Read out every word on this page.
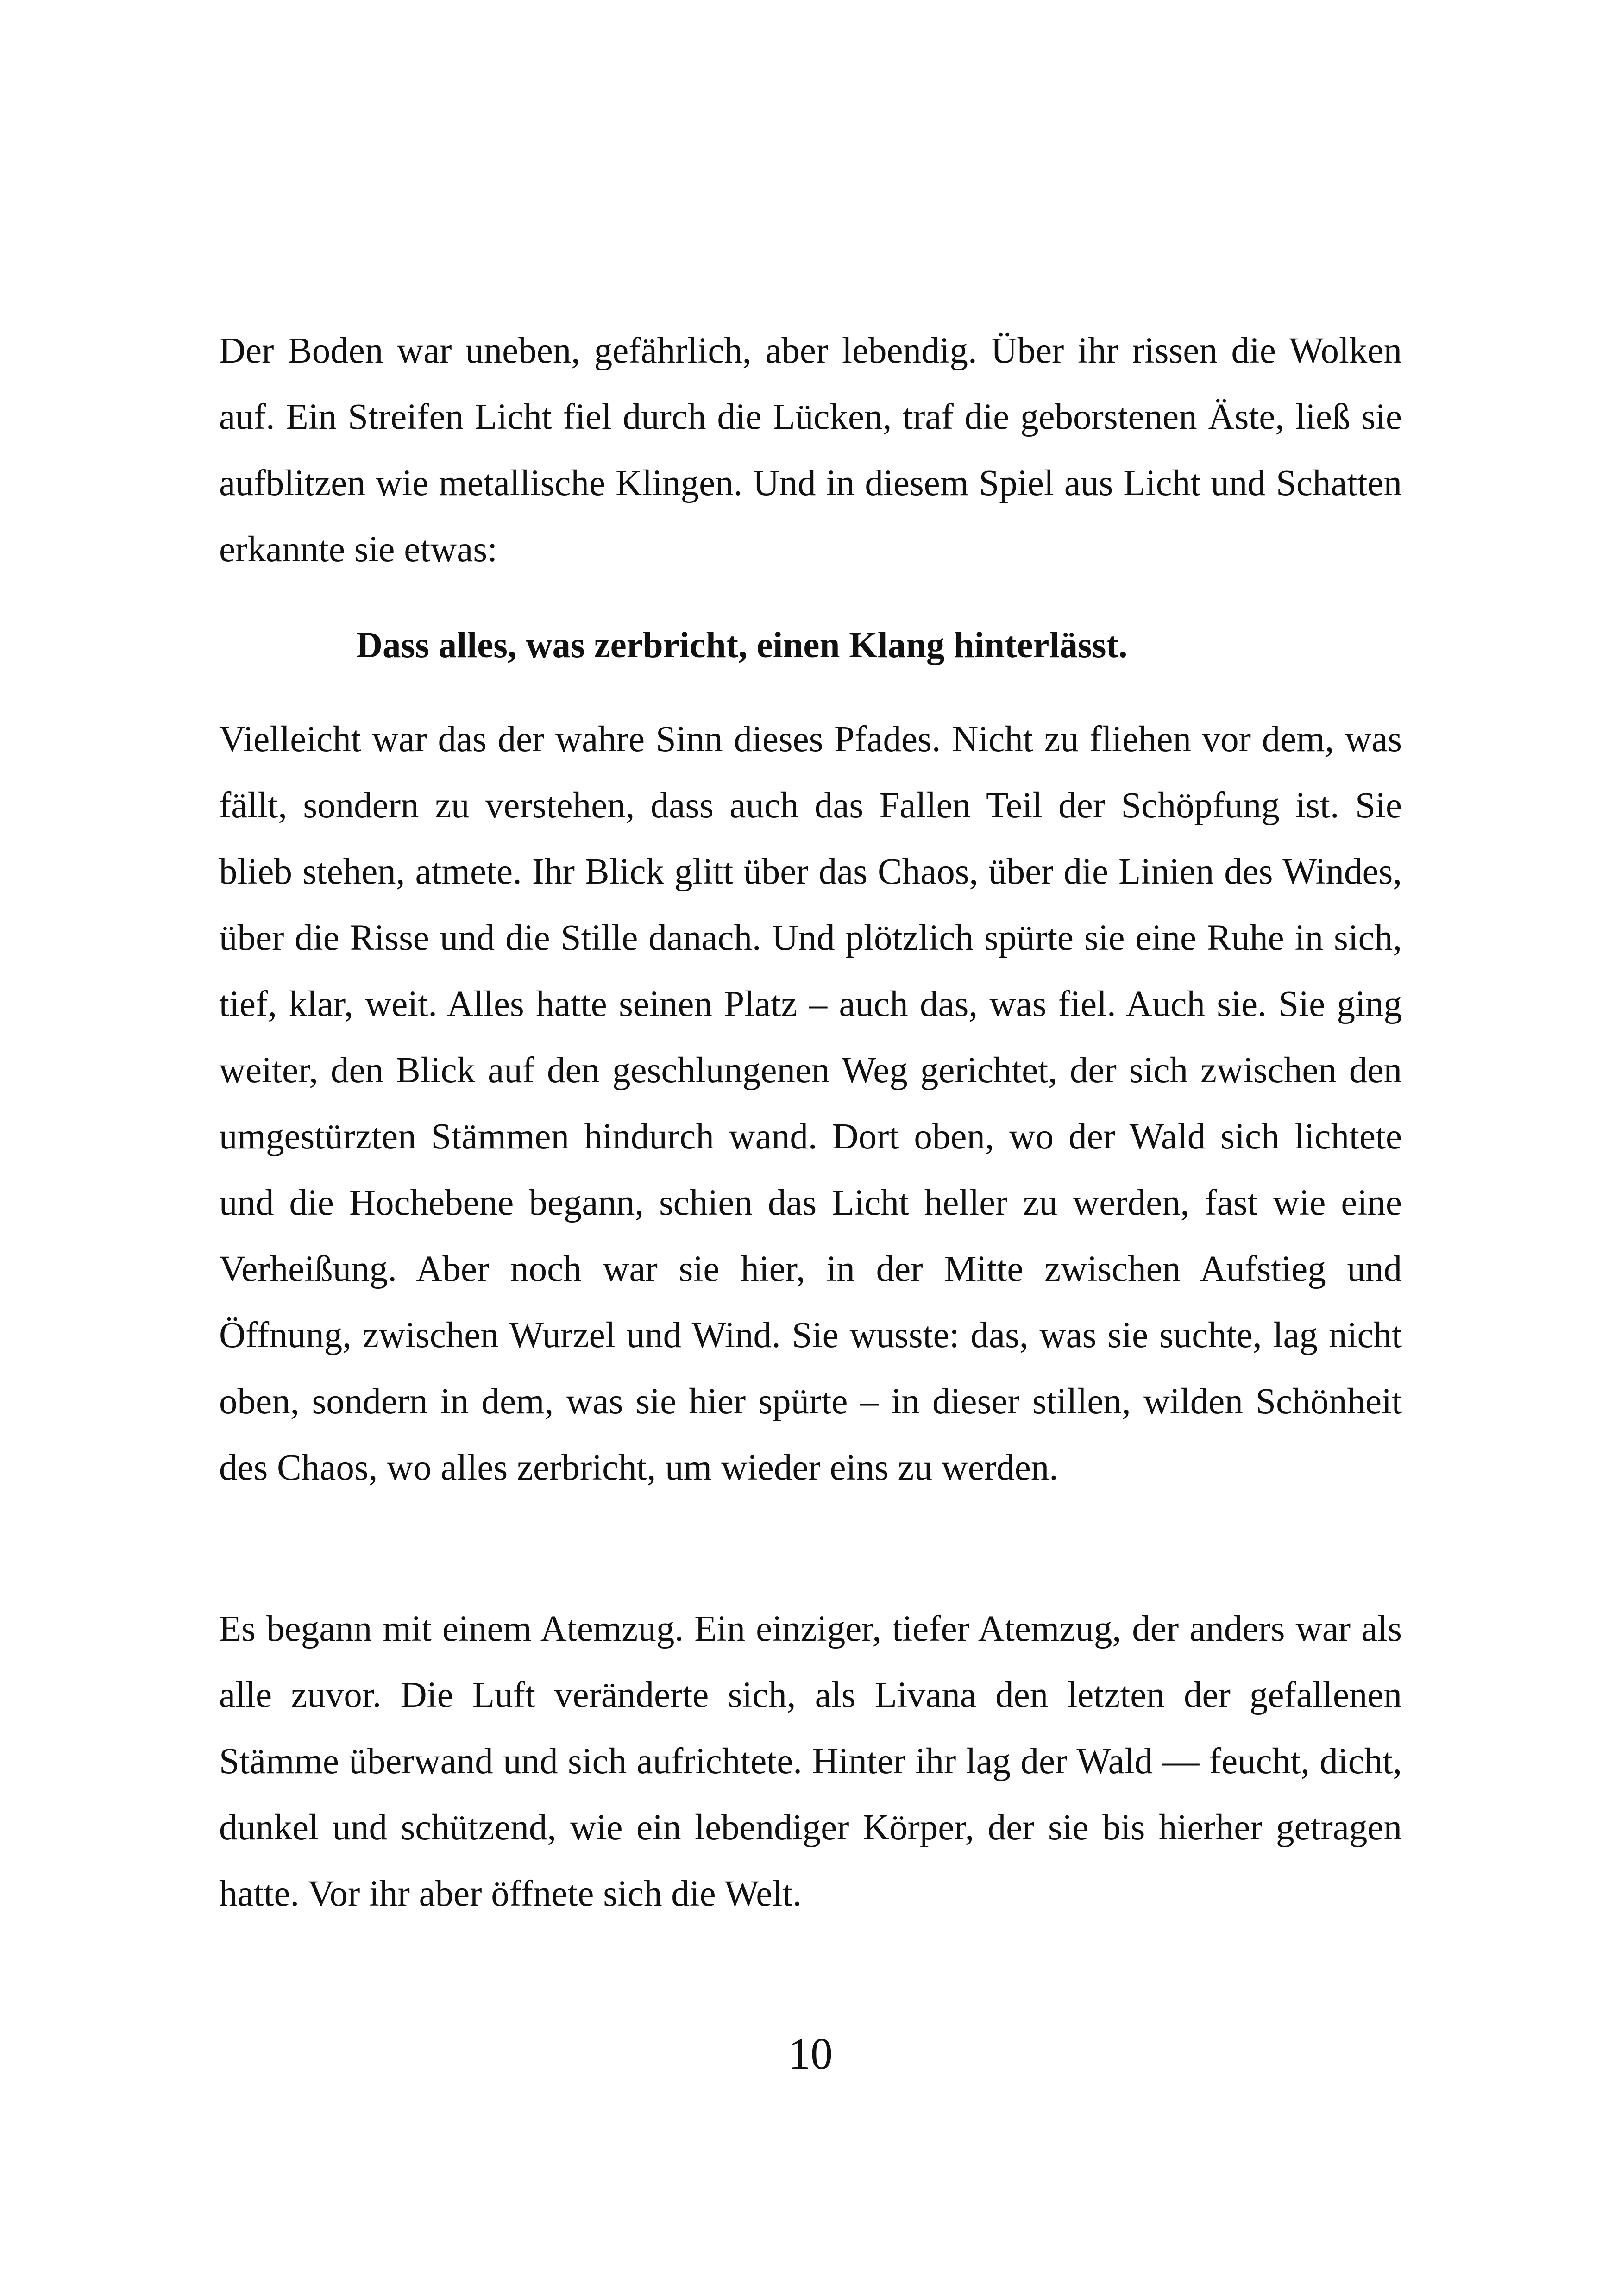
Der Boden war uneben, gefährlich, aber lebendig. Über ihr rissen die Wolken auf. Ein Streifen Licht fiel durch die Lücken, traf die geborstenen Äste, ließ sie aufblitzen wie metallische Klingen. Und in diesem Spiel aus Licht und Schatten erkannte sie etwas:

Dass alles, was zerbricht, einen Klang hinterlässt.

Vielleicht war das der wahre Sinn dieses Pfades. Nicht zu fliehen vor dem, was fällt, sondern zu verstehen, dass auch das Fallen Teil der Schöpfung ist. Sie blieb stehen, atmete. Ihr Blick glitt über das Chaos, über die Linien des Windes, über die Risse und die Stille danach. Und plötzlich spürte sie eine Ruhe in sich, tief, klar, weit. Alles hatte seinen Platz – auch das, was fiel. Auch sie. Sie ging weiter, den Blick auf den geschlungenen Weg gerichtet, der sich zwischen den umgestürzten Stämmen hindurch wand. Dort oben, wo der Wald sich lichtete und die Hochebene begann, schien das Licht heller zu werden, fast wie eine Verheißung. Aber noch war sie hier, in der Mitte zwischen Aufstieg und Öffnung, zwischen Wurzel und Wind. Sie wusste: das, was sie suchte, lag nicht oben, sondern in dem, was sie hier spürte – in dieser stillen, wilden Schönheit des Chaos, wo alles zerbricht, um wieder eins zu werden.

Es begann mit einem Atemzug. Ein einziger, tiefer Atemzug, der anders war als alle zuvor. Die Luft veränderte sich, als Livana den letzten der gefallenen Stämme überwand und sich aufrichtete. Hinter ihr lag der Wald — feucht, dicht, dunkel und schützend, wie ein lebendiger Körper, der sie bis hierher getragen hatte. Vor ihr aber öffnete sich die Welt.

10
